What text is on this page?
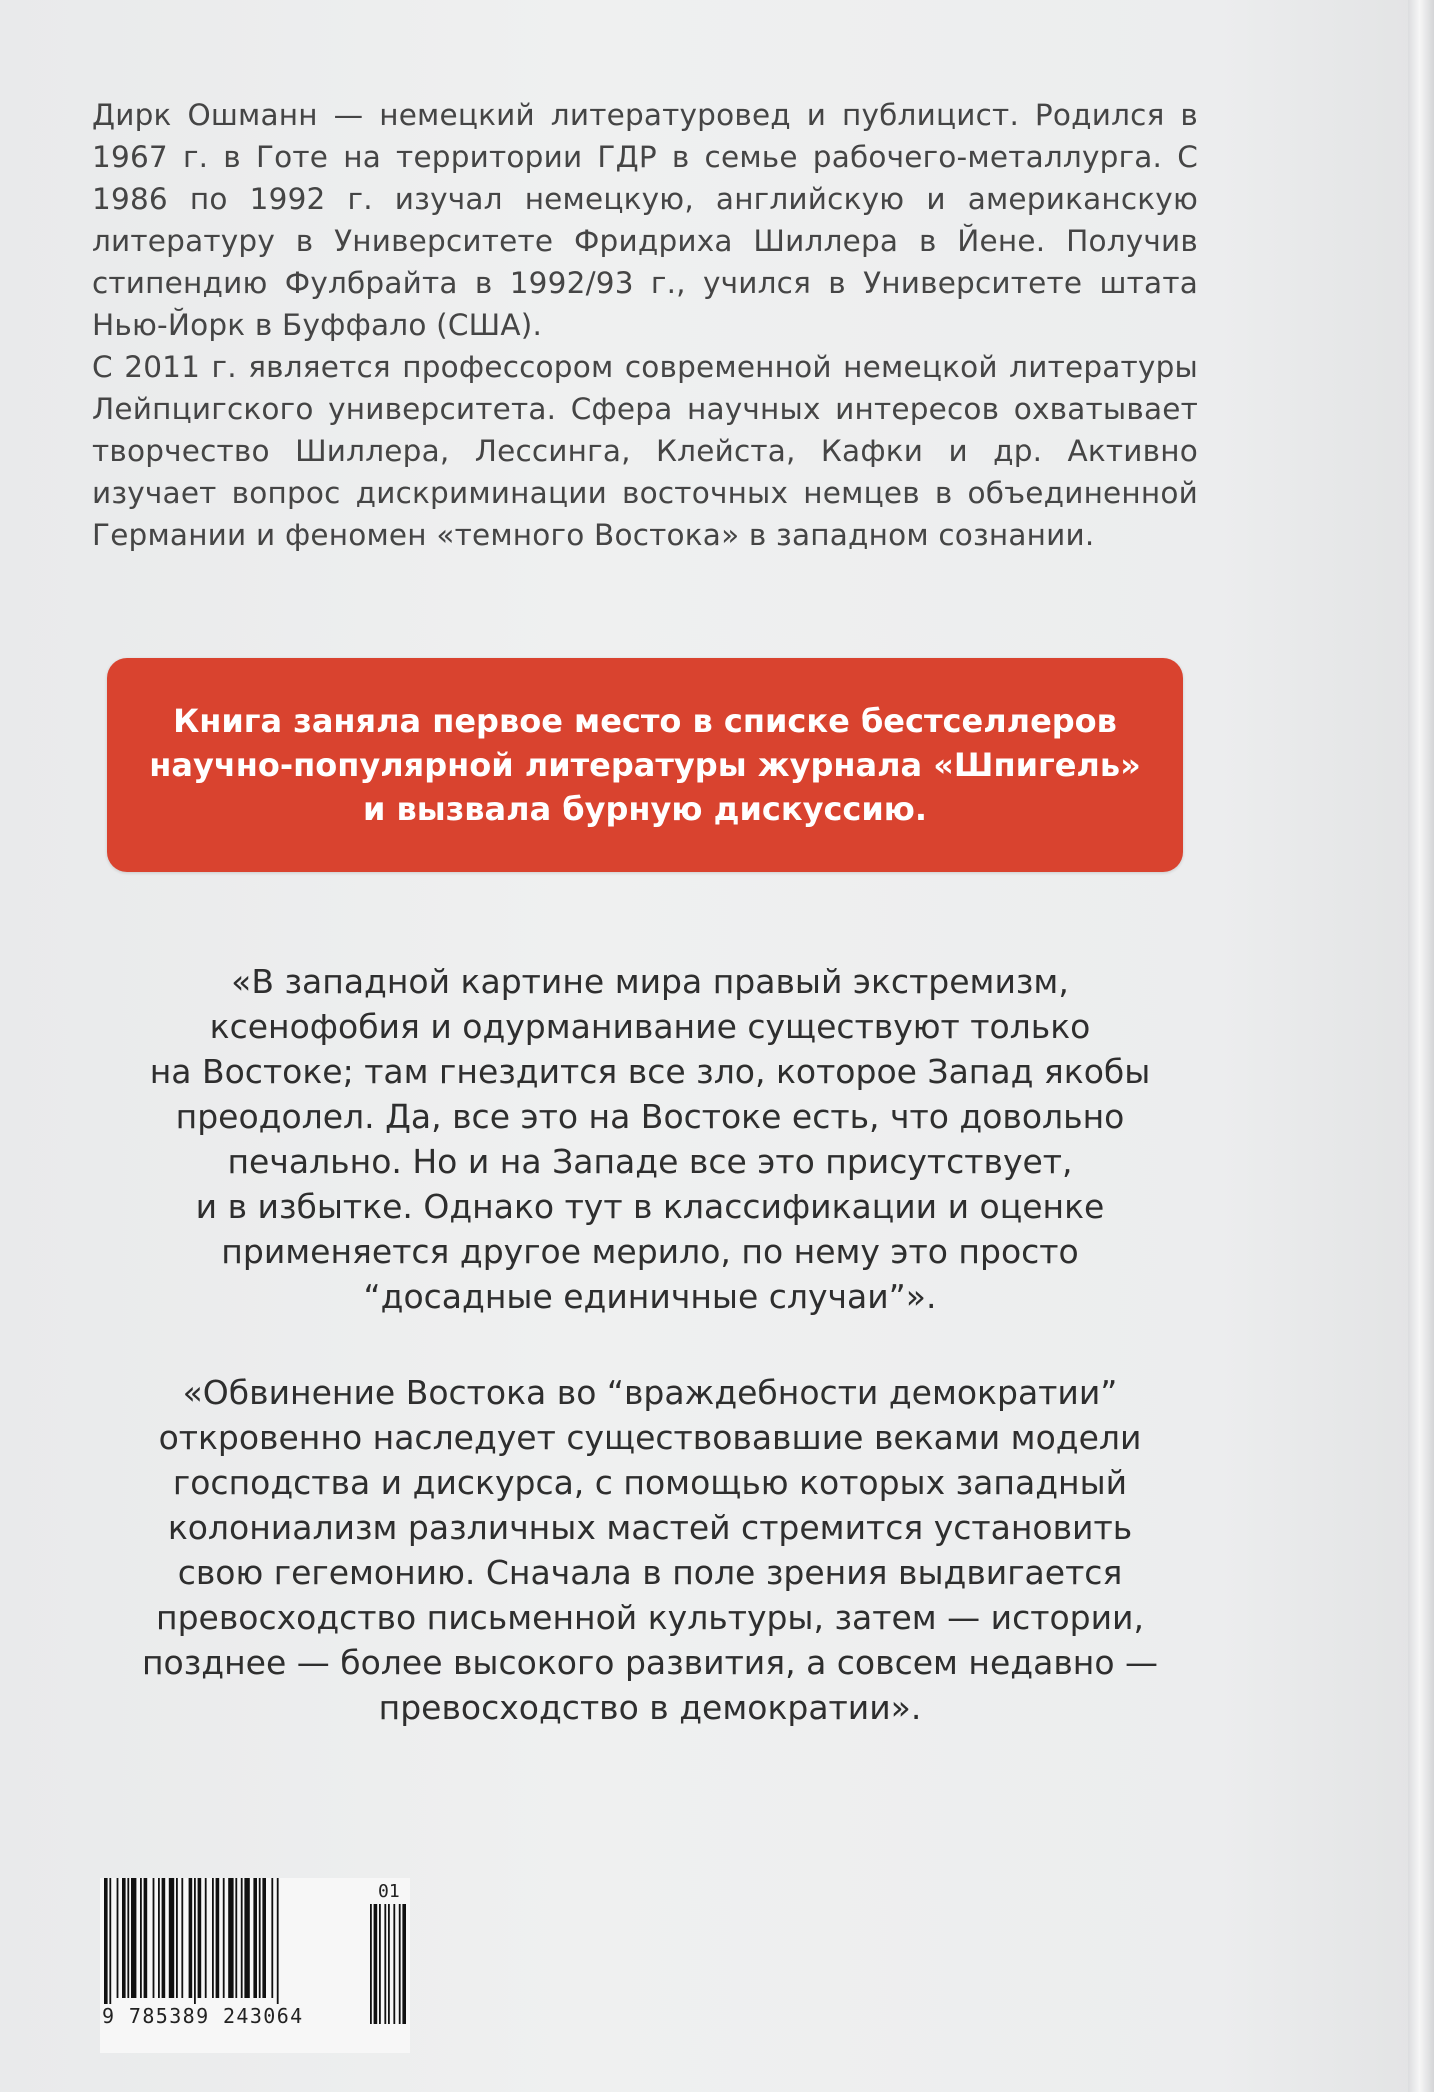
Дирк Ошманн — немецкий литературовед и публицист. Родился в 1967 г. в Готе на территории ГДР в семье рабочего-металлурга. С 1986 по 1992 г. изучал немецкую, английскую и американскую литературу в Университете Фридриха Шиллера в Йене. Получив стипендию Фулбрайта в 1992/93 г., учился в Университете штата Нью-Йорк в Буффало (США).

С 2011 г. является профессором современной немецкой литературы Лейпцигского университета. Сфера научных интересов охватывает творчество Шиллера, Лессинга, Клейста, Кафки и др. Активно изучает вопрос дискриминации восточных немцев в объединенной Германии и феномен «темного Востока» в западном сознании.

Книга заняла первое место в списке бестселлеров
научно-популярной литературы журнала «Шпигель»
и вызвала бурную дискуссию.
«В западной картине мира правый экстремизм,
ксенофобия и одурманивание существуют только
на Востоке; там гнездится все зло, которое Запад якобы
преодолел. Да, все это на Востоке есть, что довольно
печально. Но и на Западе все это присутствует,
и в избытке. Однако тут в классификации и оценке
применяется другое мерило, по нему это просто
“досадные единичные случаи”».
«Обвинение Востока во “враждебности демократии”
откровенно наследует существовавшие веками модели
господства и дискурса, с помощью которых западный
колониализм различных мастей стремится установить
свою гегемонию. Сначала в поле зрения выдвигается
превосходство письменной культуры, затем — истории,
позднее — более высокого развития, а совсем недавно —
превосходство в демократии».
9 785389 243064
01
